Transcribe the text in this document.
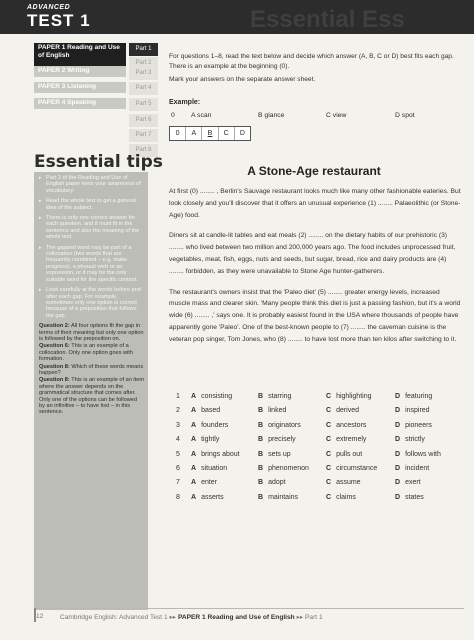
ADVANCED
TEST 1	Essential Ess
PAPER 1 Reading and Use of English
Part 1
Part 2
PAPER 2 Writing	Part 3
PAPER 3 Listening	Part 4
PAPER 4 Speaking	Part 5
Part 6
Part 7
Part 8

For questions 1–8, read the text below and decide which answer (A, B, C or D) best fits each gap. There is an example at the beginning (0).

Mark your answers on the separate answer sheet.

Example:
0 A scan	B glance	C view	D spot
0	A	B	C	D
Essential tips
▸ Part 1 of the Reading and Use of English paper tests your awareness of vocabulary.
▸ Read the whole text to get a general idea of the subject.
▸ There is only one correct answer for each question, and it must fit in the sentence and also the meaning of the whole text.
▸ The gapped word may be part of a collocation (two words that are frequently combined – e.g. make progress), a phrasal verb or an expression, or it may be the only suitable word for the specific context.
▸ Look carefully at the words before and after each gap. For example, sometimes only one option is correct because of a preposition that follows the gap.
Question 2: All four options fit the gap in terms of their meaning but only one option is followed by the preposition on.
Question 6: This is an example of a collocation. Only one option goes with formation.
Question 8: Which of these words means happen?
Question 8: This is an example of an item where the answer depends on the grammatical structure that comes after. Only one of the options can be followed by an infinitive – to have lost – in this sentence.
A Stone-Age restaurant

At first (0) ........ , Berlin's Sauvage restaurant looks much like many other fashionable eateries. But look closely and you'll discover that it offers an unusual experience (1) ........ Palaeolithic (or Stone-Age) food.

Diners sit at candle-lit tables and eat meals (2) ........ on the dietary habits of our prehistoric (3) ........ who lived between two million and 200,000 years ago. The food includes unprocessed fruit, vegetables, meat, fish, eggs, nuts and seeds, but sugar, bread, rice and dairy products are (4) ........ forbidden, as they were unavailable to Stone Age hunter-gatherers.

The restaurant's owners insist that the 'Paleo diet' (5) ........ greater energy levels, increased muscle mass and clearer skin. 'Many people think this diet is just a passing fashion, but it's a world wide (6) ........ ,' says one. It is probably easiest found in the USA where thousands of people have apparently gone 'Paleo'. One of the best-known people to (7) ........ the caveman cuisine is the veteran pop singer, Tom Jones, who (8) ........ to have lost more than ten kilos after switching to it.

1 A consisting	B starring	C highlighting	D featuring
2 A based	B linked	C derived	D inspired
3 A founders	B originators	C ancestors	D pioneers
4 A tightly	B precisely	C extremely	D strictly
5 A brings about	B sets up	C pulls out	D follows with
6 A situation	B phenomenon C circumstance	D incident
7 A enter	B adopt	C assume	D exert
8 A asserts	B maintains	C claims	D states
12	Cambridge English: Advanced Test 1 ▸▸ PAPER 1 Reading and Use of English ▸▸ Part 1
